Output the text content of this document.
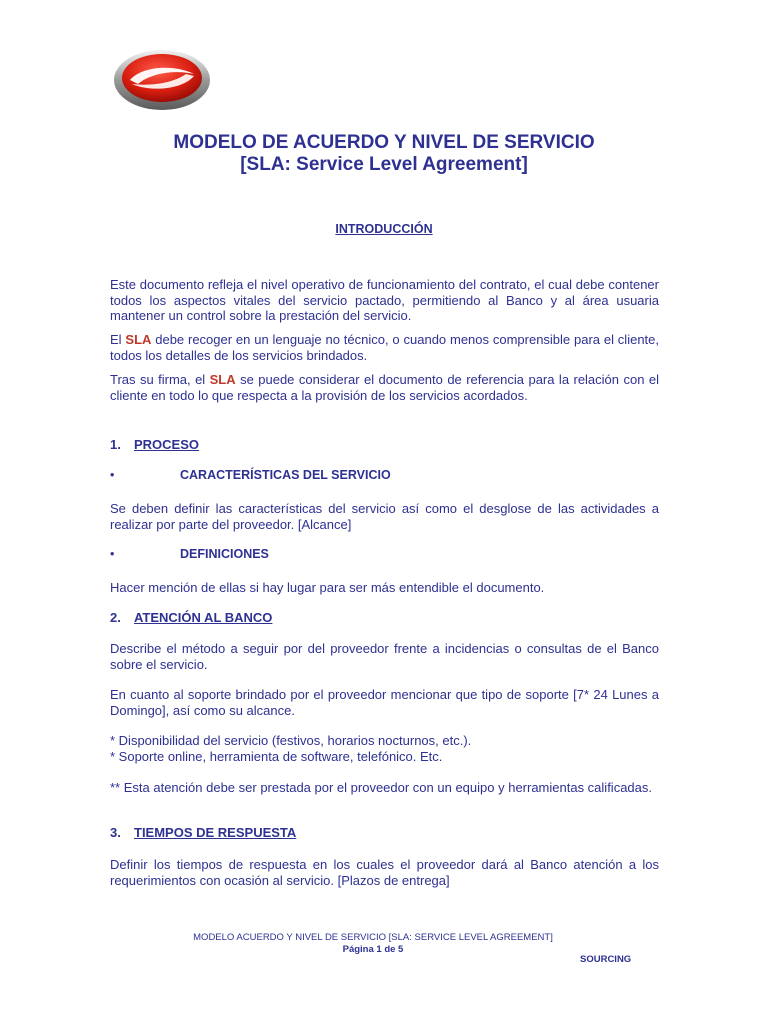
MODELO DE ACUERDO Y NIVEL DE SERVICIO
[SLA: Service Level Agreement]
INTRODUCCIÓN
Este documento refleja el nivel operativo de funcionamiento del contrato, el cual debe contener todos los aspectos vitales del servicio pactado, permitiendo al Banco y al área usuaria mantener un control sobre la prestación del servicio.
El SLA debe recoger en un lenguaje no técnico, o cuando menos comprensible para el cliente, todos los detalles de los servicios brindados.
Tras su firma, el SLA se puede considerar el documento de referencia para la relación con el cliente en todo lo que respecta a la provisión de los servicios acordados.
1. PROCESO
•	CARACTERÍSTICAS DEL SERVICIO
Se deben definir las características del servicio así como el desglose de las actividades a realizar por parte del proveedor. [Alcance]
•	DEFINICIONES
Hacer mención de ellas si hay lugar para ser más entendible el documento.
2. ATENCIÓN AL BANCO
Describe el método a seguir por del proveedor frente a incidencias o consultas de el Banco sobre el servicio.
En cuanto al soporte brindado por el proveedor mencionar que tipo de soporte [7* 24 Lunes a Domingo], así como su alcance.
* Disponibilidad del servicio (festivos, horarios nocturnos, etc.).
* Soporte online, herramienta de software, telefónico. Etc.
** Esta atención debe ser prestada por el proveedor con un equipo y herramientas calificadas.
3. TIEMPOS DE RESPUESTA
Definir los tiempos de respuesta en los cuales el proveedor dará al Banco atención a los requerimientos con ocasión al servicio. [Plazos de entrega]
MODELO ACUERDO Y NIVEL DE SERVICIO [SLA: SERVICE LEVEL AGREEMENT]
Página 1 de 5
SOURCING
